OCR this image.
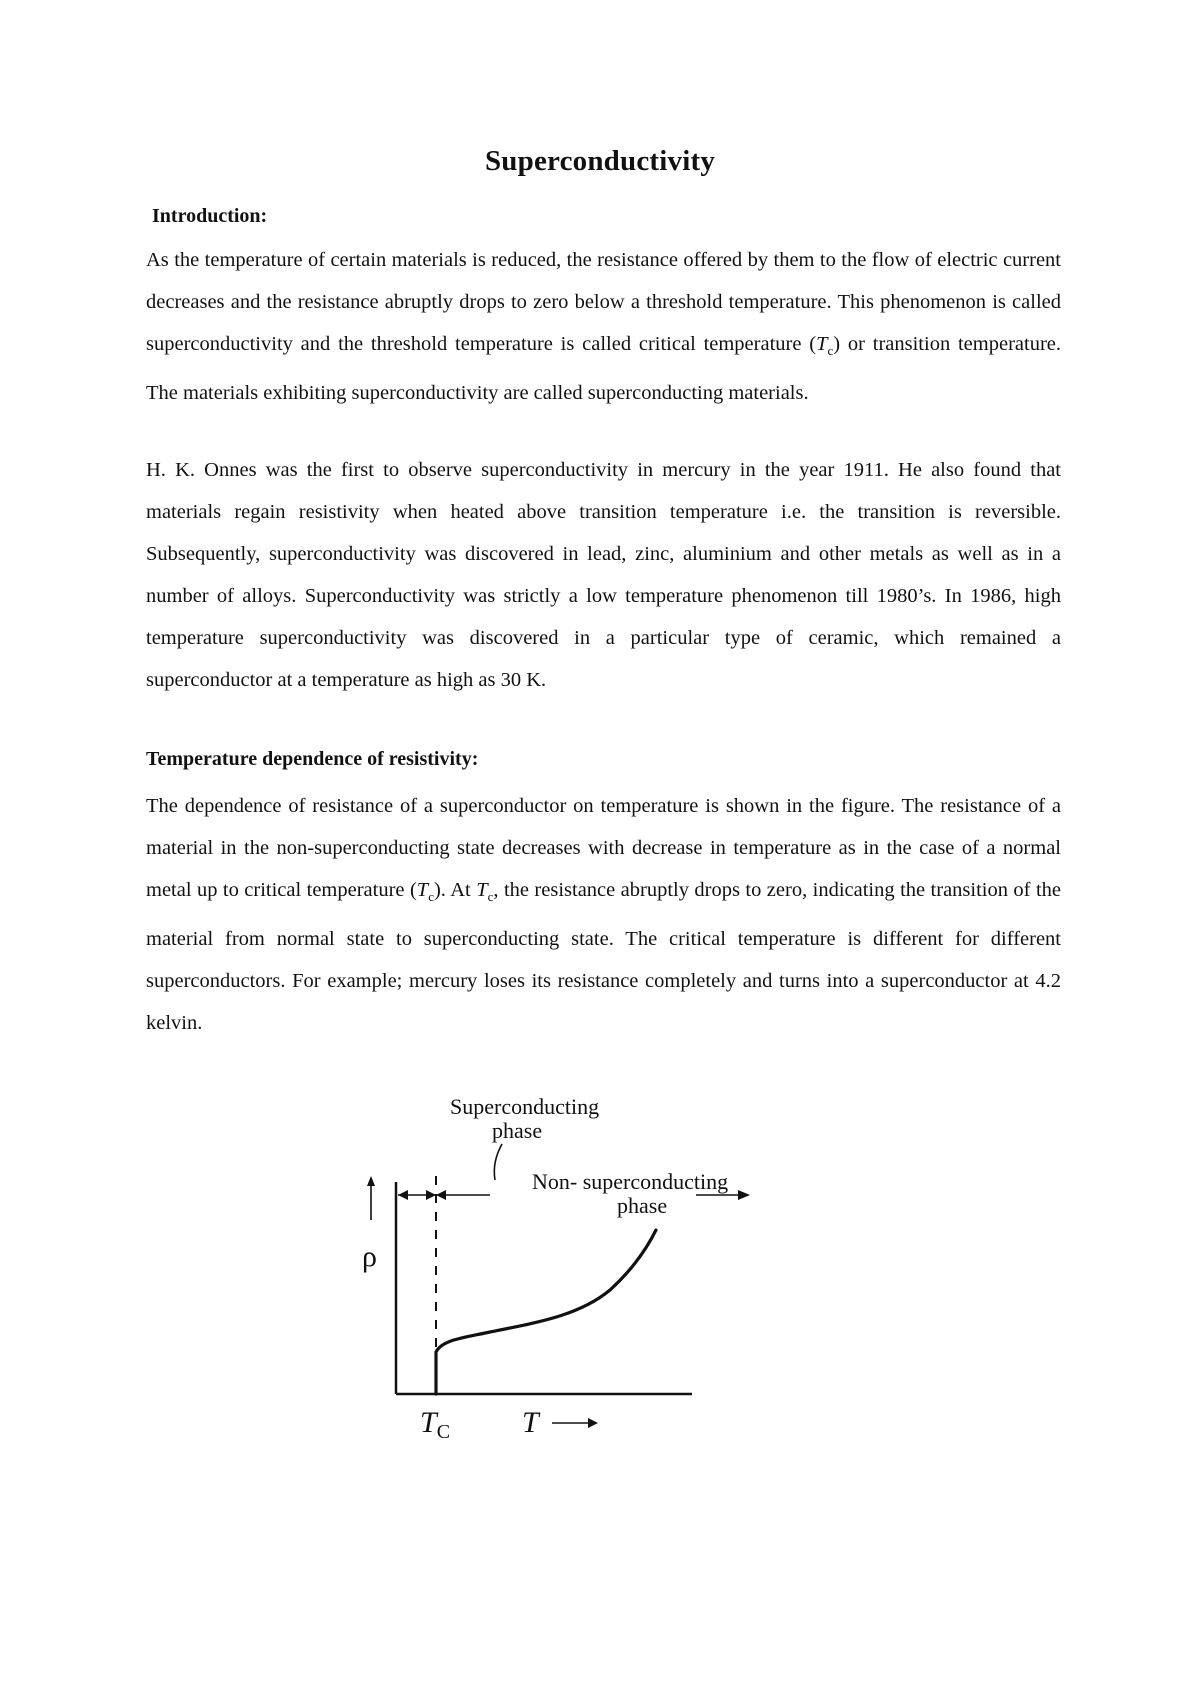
Superconductivity
Introduction:

As the temperature of certain materials is reduced, the resistance offered by them to the flow of electric current decreases and the resistance abruptly drops to zero below a threshold temperature. This phenomenon is called superconductivity and the threshold temperature is called critical temperature $(T_c)$ or transition temperature. The materials exhibiting superconductivity are called superconducting materials.

H. K. Onnes was the first to observe superconductivity in mercury in the year 1911. He also found that materials regain resistivity when heated above transition temperature i.e. the transition is reversible. Subsequently, superconductivity was discovered in lead, zinc, aluminium and other metals as well as in a number of alloys. Superconductivity was strictly a low temperature phenomenon till 1980’s. In 1986, high temperature superconductivity was discovered in a particular type of ceramic, which remained a superconductor at a temperature as high as 30 K.

Temperature dependence of resistivity:

The dependence of resistance of a superconductor on temperature is shown in the figure. The resistance of a material in the non-superconducting state decreases with decrease in temperature as in the case of a normal metal up to critical temperature $(T_c)$. At $T_c$, the resistance abruptly drops to zero, indicating the transition of the material from normal state to superconducting state. The critical temperature is different for different superconductors. For example; mercury loses its resistance completely and turns into a superconductor at 4.2 kelvin.

Superconducting
phase
Non- superconducting
phase
ρ
$T_C$ T
